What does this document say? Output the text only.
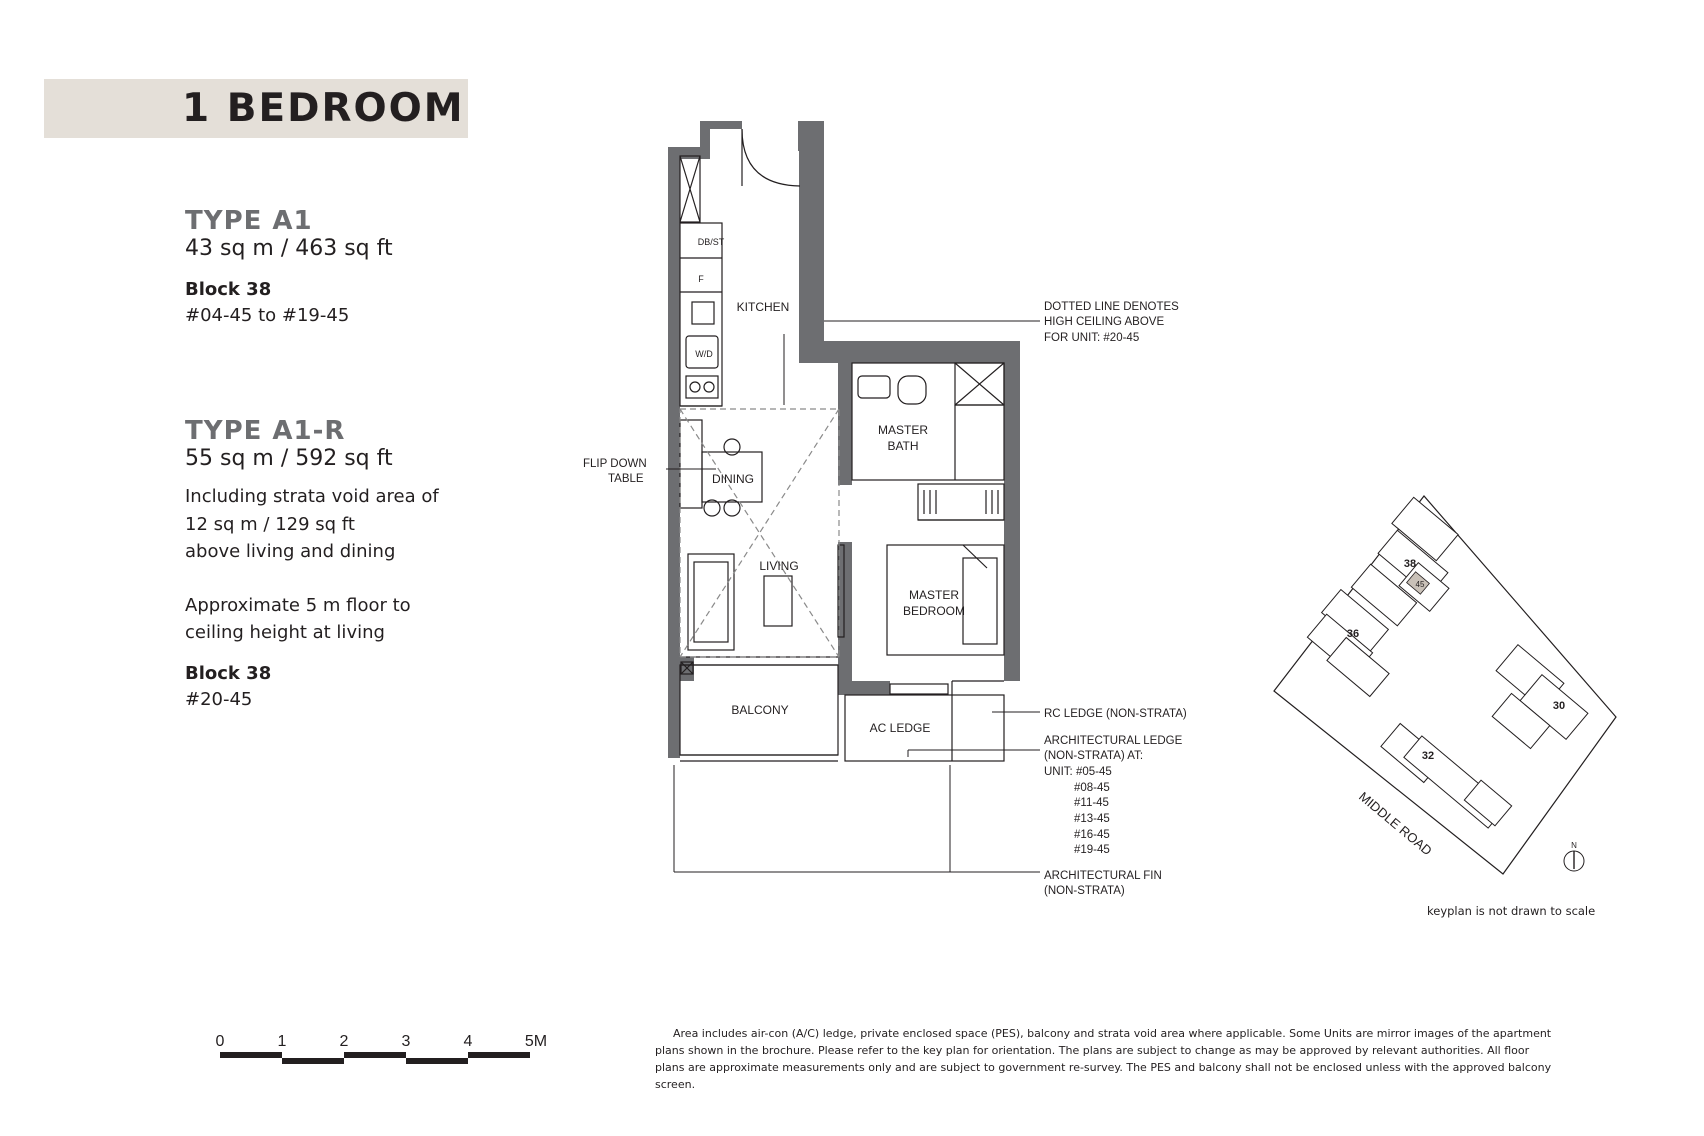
1 BEDROOM
TYPE A1
43 sq m / 463 sq ft
Block 38
#04-45 to #19-45
TYPE A1-R
55 sq m / 592 sq ft
Including strata void area of
12 sq m / 129 sq ft
above living and dining
Approximate 5 m floor to
ceiling height at living
Block 38
#20-45
KITCHEN
DINING
LIVING
BALCONY
AC LEDGE
MASTER
BATH
MASTER
BEDROOM
DB/ST
F
W/D
FLIP DOWN
TABLE
DOTTED LINE DENOTES
HIGH CEILING ABOVE
FOR UNIT: #20-45
RC LEDGE (NON-STRATA)
ARCHITECTURAL LEDGE
(NON-STRATA) AT:
UNIT: #05-45
#08-45
#11-45
#13-45
#16-45
#19-45
ARCHITECTURAL FIN
(NON-STRATA)
45
38
36
32
30
MIDDLE ROAD	N
0	1	2	3	4	5M
keyplan is not drawn to scale
Area includes air-con (A/C) ledge, private enclosed space (PES), balcony and strata void area where applicable. Some Units are mirror images of the apartment plans shown in the brochure. Please refer to the key plan for orientation. The plans are subject to change as may be approved by relevant authorities. All floor plans are approximate measurements only and are subject to government re-survey. The PES and balcony shall not be enclosed unless with the approved balcony screen.
